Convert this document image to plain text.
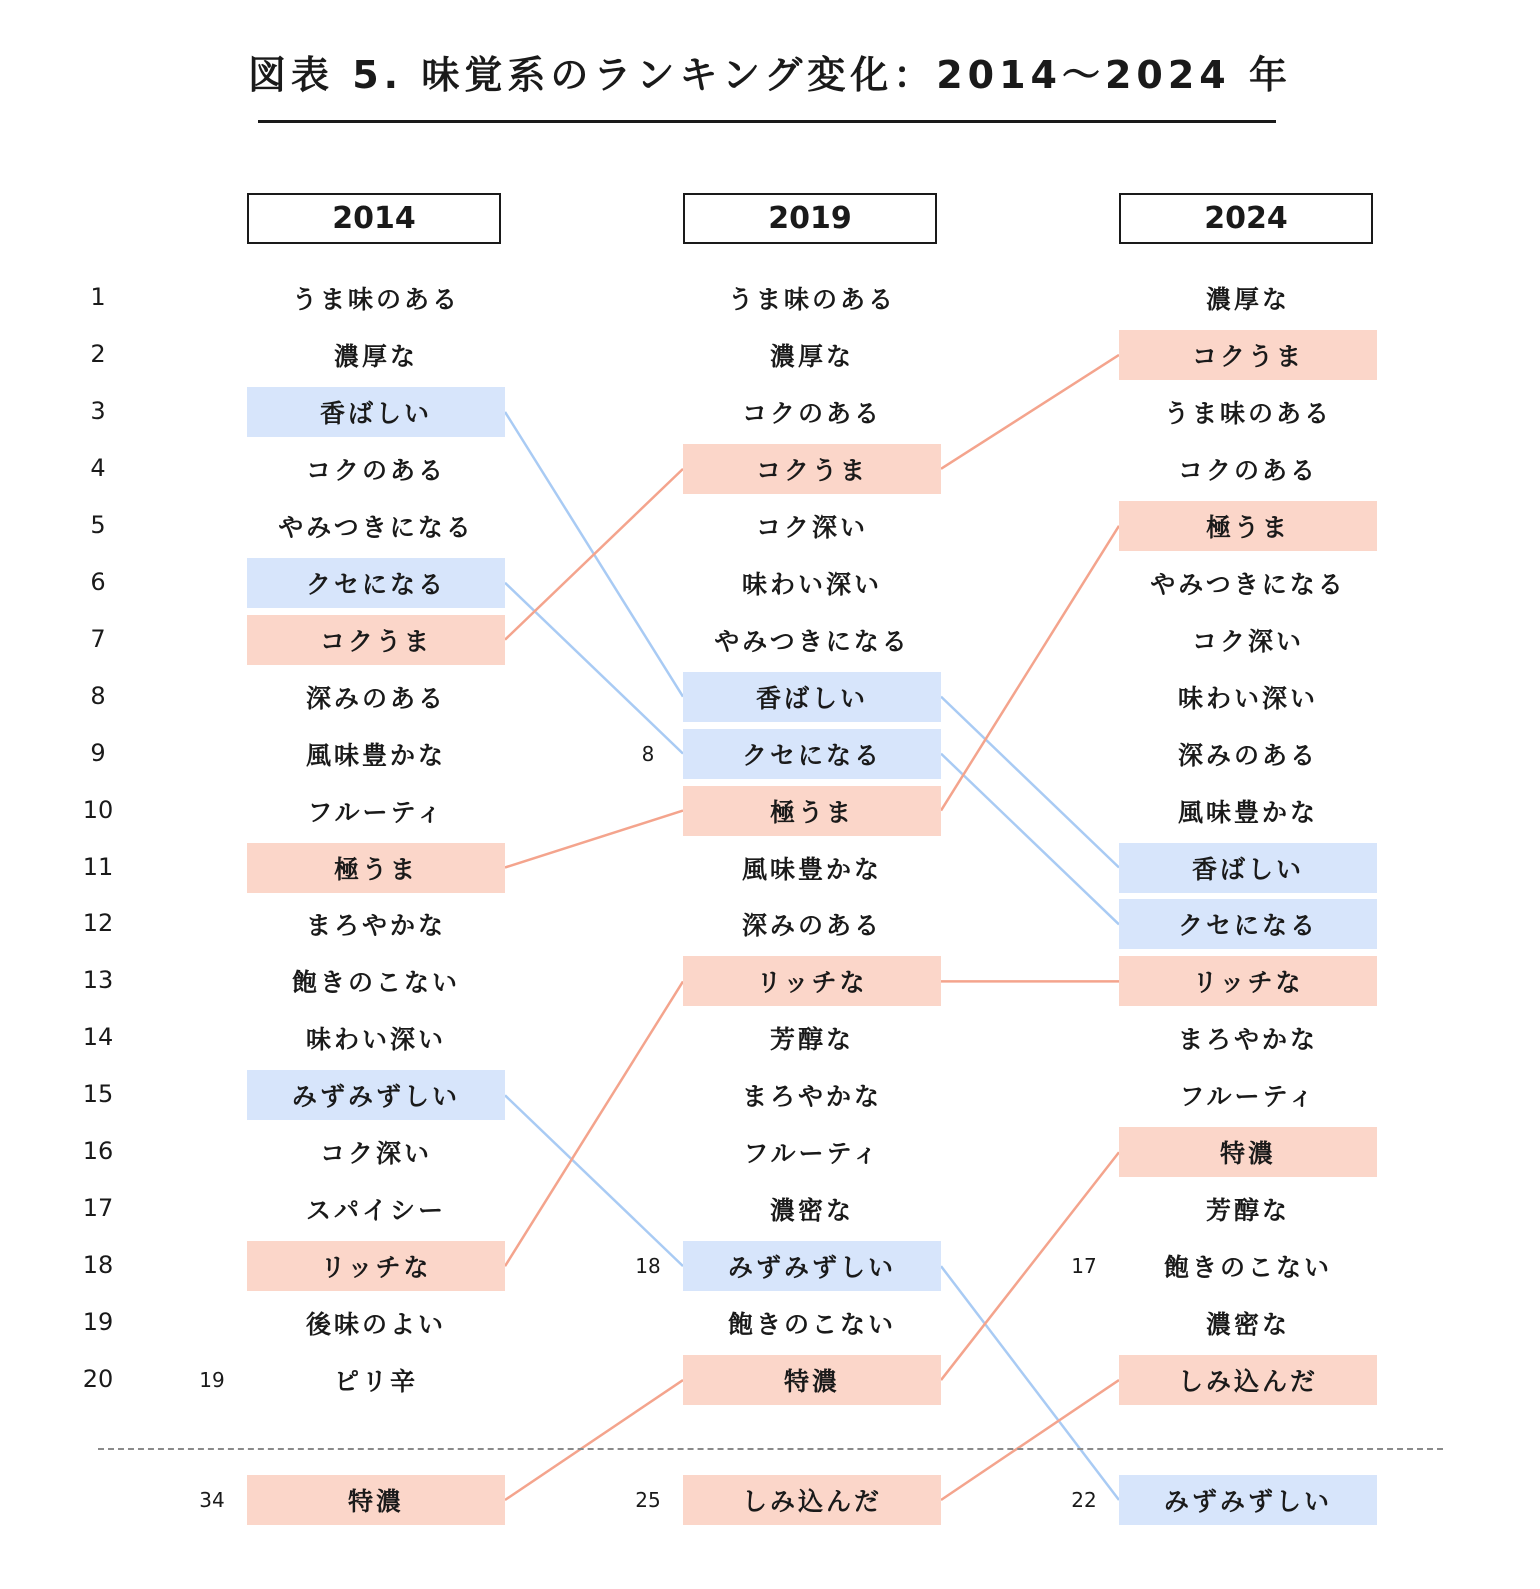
図表 5. 味覚系のランキング変化：2014～2024 年
1
2
3
4
5
6
7
8
9
10
11
12
13
14
15
16
17
18
19
20
2014
うま味のある
濃厚な
香ばしい
コクのある
やみつきになる
クセになる
コクうま
深みのある
風味豊かな
フルーティ
極うま
まろやかな
飽きのこない
味わい深い
みずみずしい
コク深い
スパイシー
リッチな
後味のよい
ピリ辛
19
特濃
34
2019
うま味のある
濃厚な
コクのある
コクうま
コク深い
味わい深い
やみつきになる
香ばしい
クセになる
8
極うま
風味豊かな
深みのある
リッチな
芳醇な
まろやかな
フルーティ
濃密な
みずみずしい
18
飽きのこない
特濃
しみ込んだ
25
2024
濃厚な
コクうま
うま味のある
コクのある
極うま
やみつきになる
コク深い
味わい深い
深みのある
風味豊かな
香ばしい
クセになる
リッチな
まろやかな
フルーティ
特濃
芳醇な
飽きのこない
17
濃密な
しみ込んだ
みずみずしい
22
